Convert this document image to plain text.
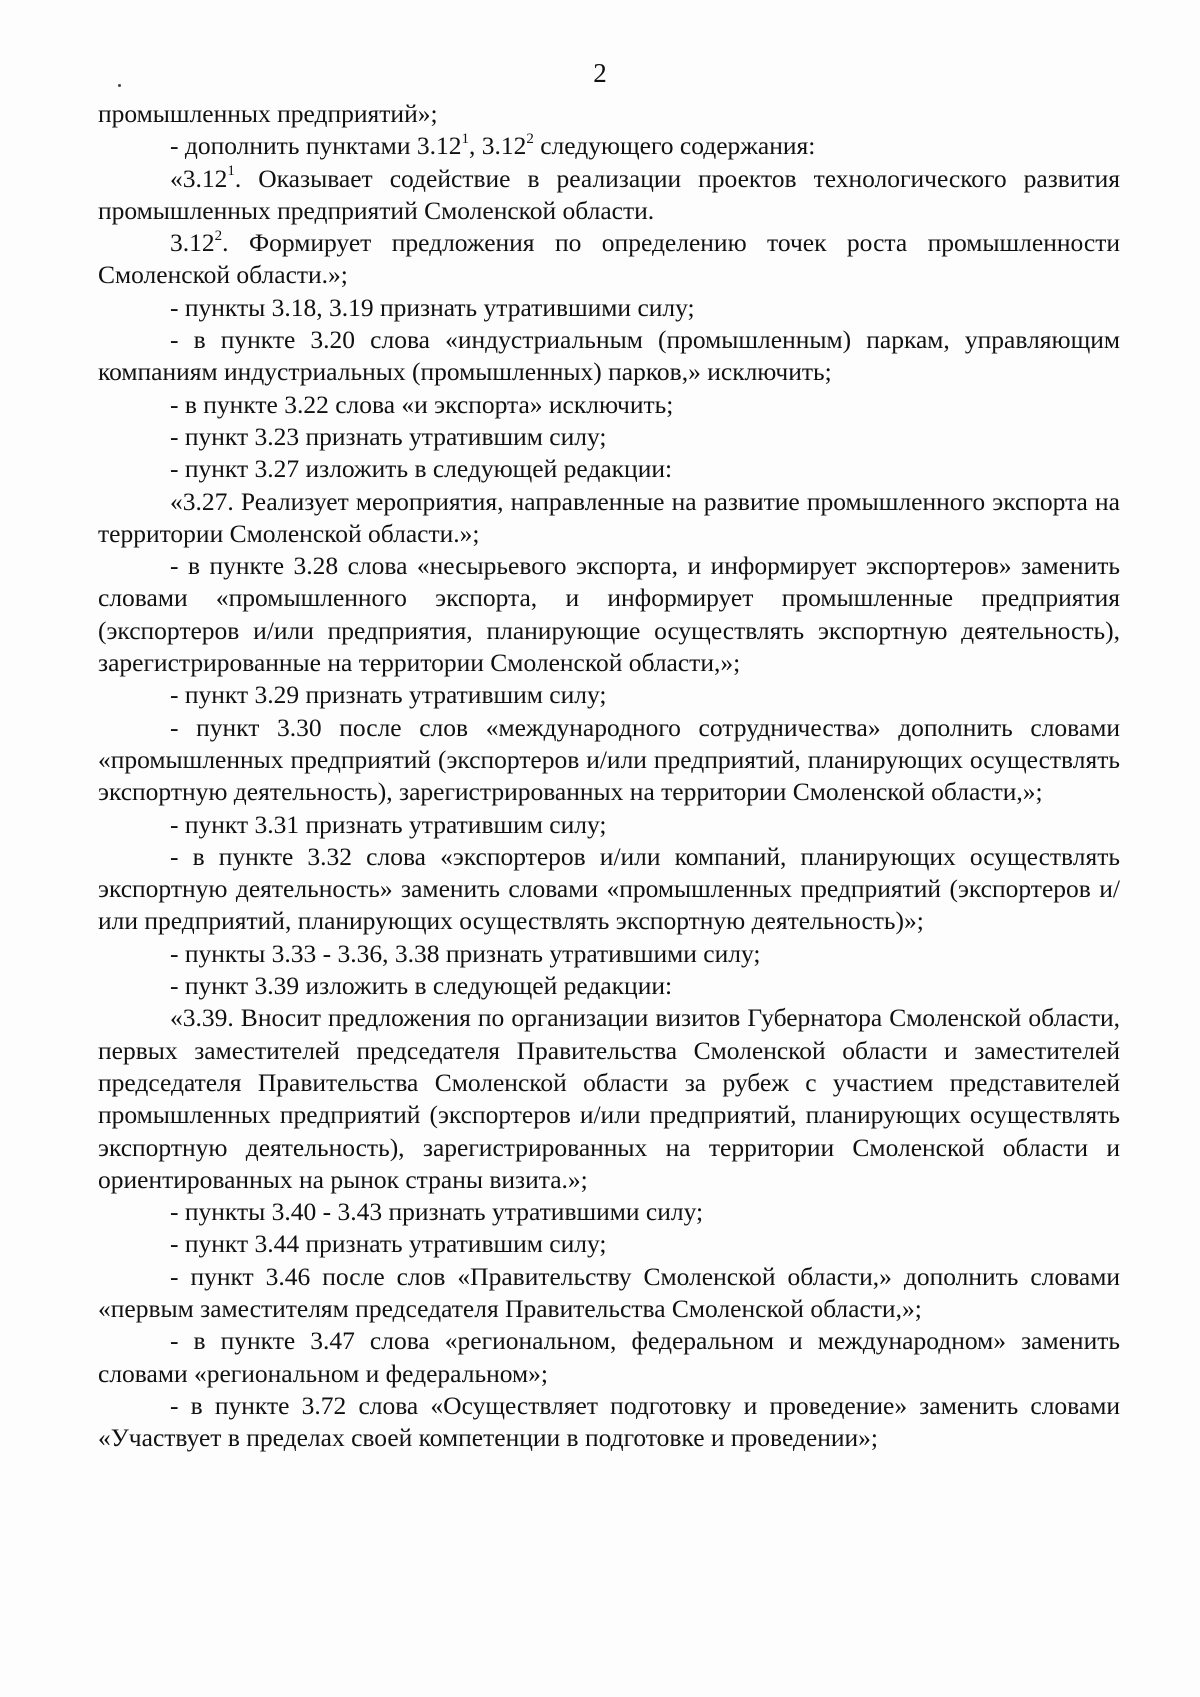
2

промышленных предприятий»;

- дополнить пунктами 3.12$^1$, 3.12$^2$ следующего содержания:

«3.12$^1$. Оказывает содействие в реализации проектов технологического развития промышленных предприятий Смоленской области.

3.12$^2$. Формирует предложения по определению точек роста промышленности Смоленской области.»;

- пункты 3.18, 3.19 признать утратившими силу;

- в пункте 3.20 слова «индустриальным (промышленным) паркам, управляющим компаниям индустриальных (промышленных) парков,» исключить;

- в пункте 3.22 слова «и экспорта» исключить;

- пункт 3.23 признать утратившим силу;

- пункт 3.27 изложить в следующей редакции:

«3.27. Реализует мероприятия, направленные на развитие промышленного экспорта на территории Смоленской области.»;

- в пункте 3.28 слова «несырьевого экспорта, и информирует экспортеров» заменить словами «промышленного экспорта, и информирует промышленные предприятия (экспортеров и/или предприятия, планирующие осуществлять экспортную деятельность), зарегистрированные на территории Смоленской области,»;

- пункт 3.29 признать утратившим силу;

- пункт 3.30 после слов «международного сотрудничества» дополнить словами «промышленных предприятий (экспортеров и/или предприятий, планирующих осуществлять экспортную деятельность), зарегистрированных на территории Смоленской области,»;

- пункт 3.31 признать утратившим силу;

- в пункте 3.32 слова «экспортеров и/или компаний, планирующих осуществлять экспортную деятельность» заменить словами «промышленных предприятий (экспортеров и/или предприятий, планирующих осуществлять экспортную деятельность)»;

- пункты 3.33 - 3.36, 3.38 признать утратившими силу;

- пункт 3.39 изложить в следующей редакции:

«3.39. Вносит предложения по организации визитов Губернатора Смоленской области, первых заместителей председателя Правительства Смоленской области и заместителей председателя Правительства Смоленской области за рубеж с участием представителей промышленных предприятий (экспортеров и/или предприятий, планирующих осуществлять экспортную деятельность), зарегистрированных на территории Смоленской области и ориентированных на рынок страны визита.»;

- пункты 3.40 - 3.43 признать утратившими силу;

- пункт 3.44 признать утратившим силу;

- пункт 3.46 после слов «Правительству Смоленской области,» дополнить словами «первым заместителям председателя Правительства Смоленской области,»;

- в пункте 3.47 слова «региональном, федеральном и международном» заменить словами «региональном и федеральном»;

- в пункте 3.72 слова «Осуществляет подготовку и проведение» заменить словами «Участвует в пределах своей компетенции в подготовке и проведении»;
